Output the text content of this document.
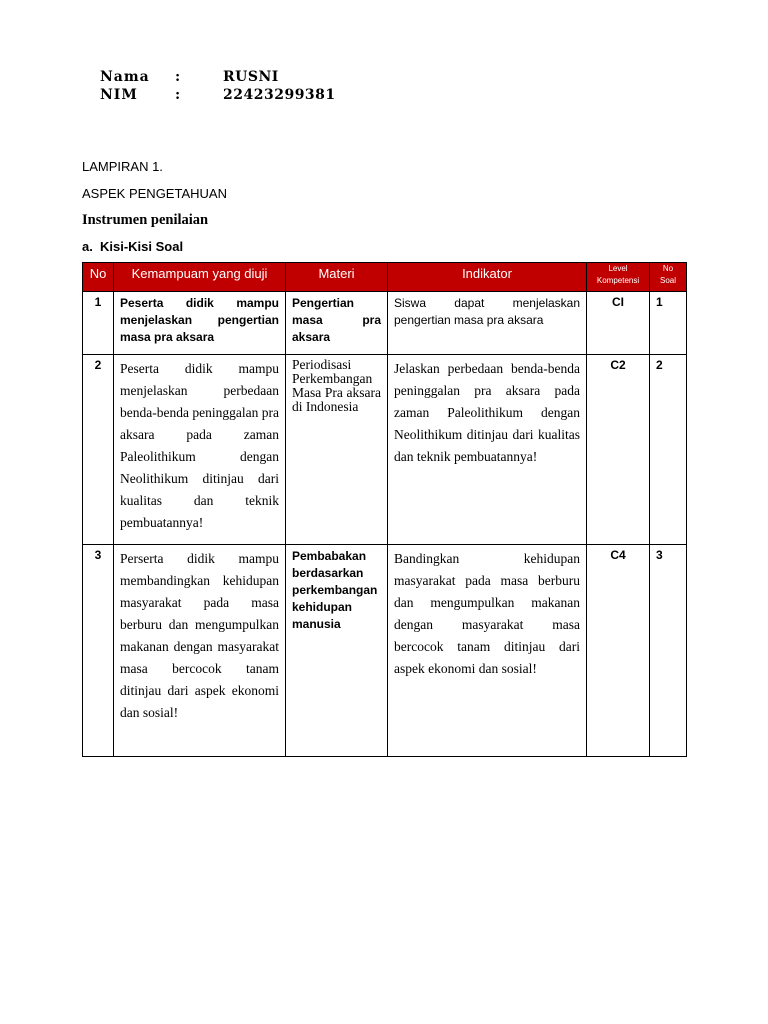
Nama :	RUSNI
NIM	:	22423299381
LAMPIRAN 1.
ASPEK PENGETAHUAN
Instrumen penilaian
a. Kisi-Kisi Soal
No	Kemampuam yang diuji	Materi	Indikator	Level Kompetensi	No
Soal
1	Peserta didik mampu menjelaskan pengertian masa pra aksara	Pengertian masa pra aksara	Siswa dapat menjelaskan pengertian masa pra aksara	CI	1
2	Peserta didik mampu menjelaskan perbedaan benda-benda peninggalan pra aksara pada zaman Paleolithikum dengan Neolithikum ditinjau dari kualitas dan teknik pembuatannya!	Periodisasi Perkembangan Masa Pra aksara di Indonesia	Jelaskan perbedaan benda-benda peninggalan pra aksara pada zaman Paleolithikum dengan Neolithikum ditinjau dari kualitas dan teknik pembuatannya!	C2	2
3	Perserta didik mampu membandingkan kehidupan masyarakat pada masa berburu dan mengumpulkan makanan dengan masyarakat masa bercocok tanam ditinjau dari aspek ekonomi dan sosial!	Pembabakan berdasarkan perkembangan kehidupan manusia	Bandingkan kehidupan masyarakat pada masa berburu dan mengumpulkan makanan dengan masyarakat masa bercocok tanam ditinjau dari aspek ekonomi dan sosial!	C4	3
